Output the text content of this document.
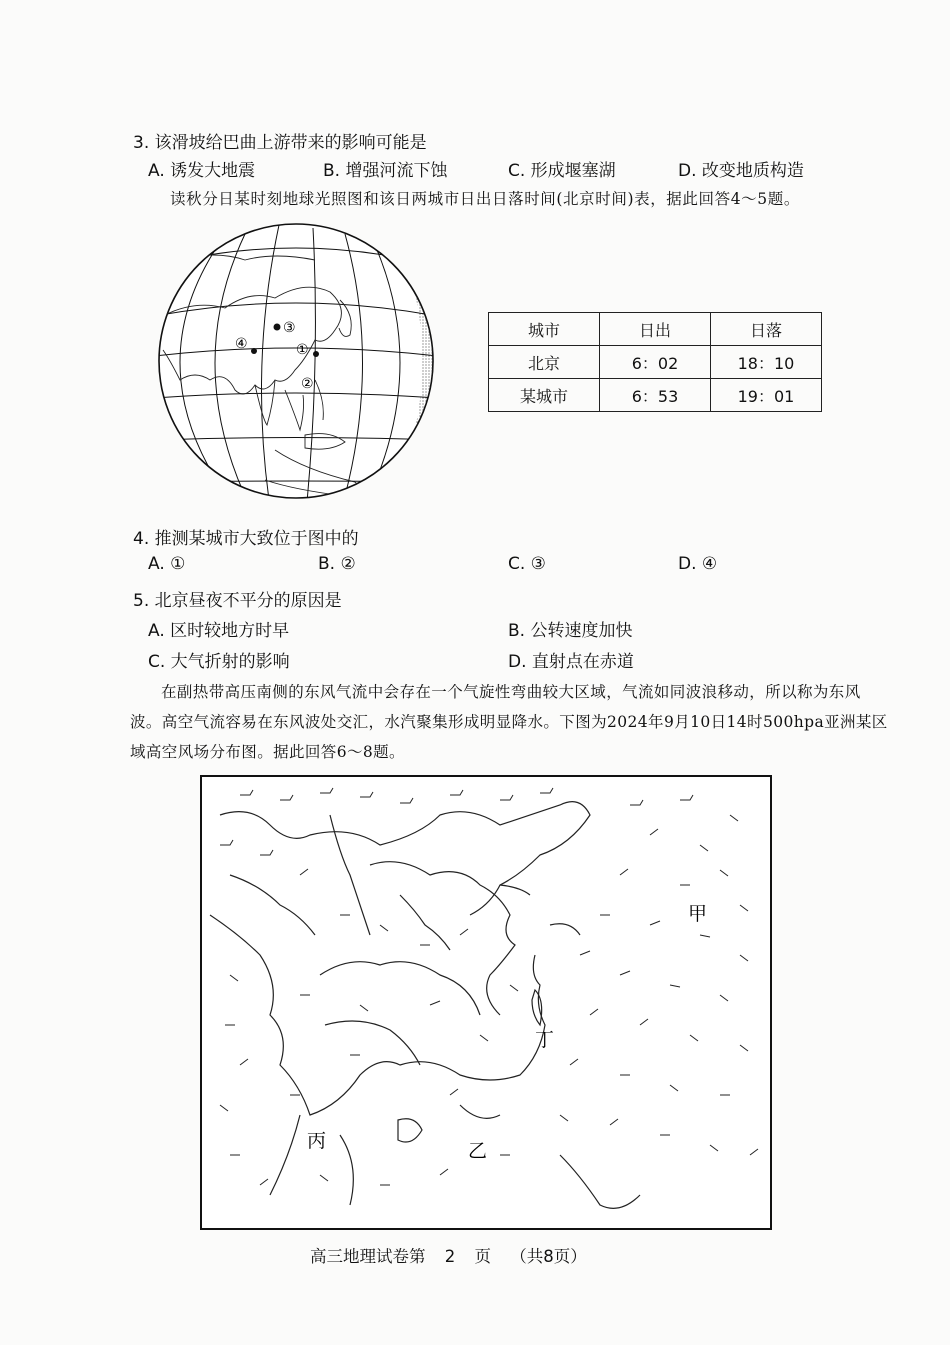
3. 该滑坡给巴曲上游带来的影响可能是
A. 诱发大地震	B. 增强河流下蚀	C. 形成堰塞湖	D. 改变地质构造
读秋分日某时刻地球光照图和该日两城市日出日落时间(北京时间)表，据此回答4～5题。
③
④	①
②
城市	日出	日落
北京	6：02	18：10
某城市	6：53	19：01
4. 推测某城市大致位于图中的
A. ①	B. ②	C. ③	D. ④
5. 北京昼夜不平分的原因是
A. 区时较地方时早	B. 公转速度加快
C. 大气折射的影响	D. 直射点在赤道
在副热带高压南侧的东风气流中会存在一个气旋性弯曲较大区域，气流如同波浪移动，所以称为东风波。高空气流容易在东风波处交汇，水汽聚集形成明显降水。下图为2024年9月10日14时500hpa亚洲某区域高空风场分布图。据此回答6～8题。
甲
乙
丙
丁
高三地理试卷第 2 页 （共8页）
